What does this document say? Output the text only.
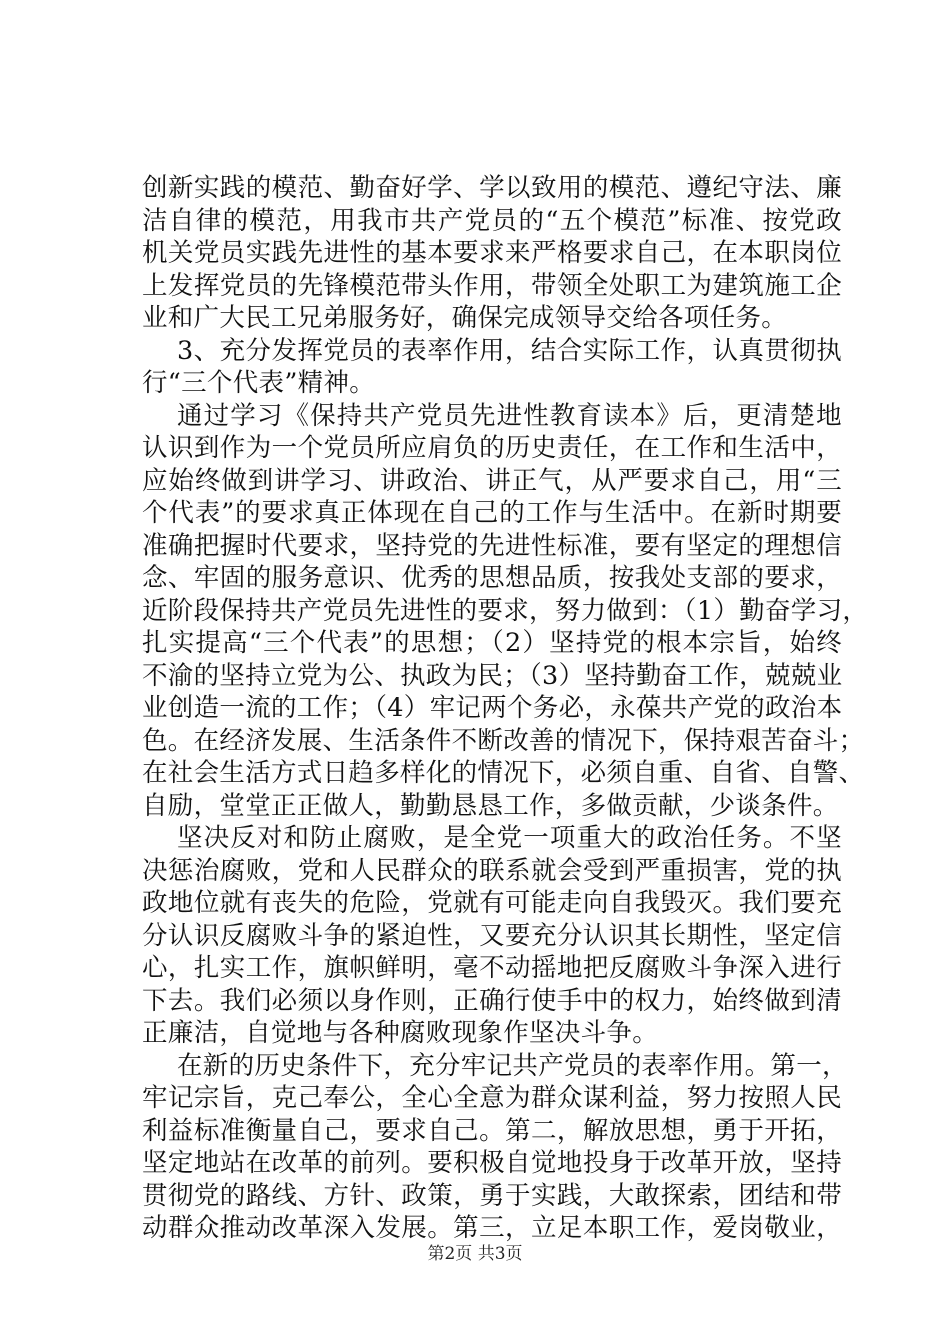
创新实践的模范、勤奋好学、学以致用的模范、遵纪守法、廉
洁自律的模范，用我市共产党员的“五个模范”标准、按党政
机关党员实践先进性的基本要求来严格要求自己，在本职岗位
上发挥党员的先锋模范带头作用，带领全处职工为建筑施工企
业和广大民工兄弟服务好，确保完成领导交给各项任务。
3、充分发挥党员的表率作用，结合实际工作，认真贯彻执
行“三个代表”精神。
通过学习《保持共产党员先进性教育读本》后，更清楚地
认识到作为一个党员所应肩负的历史责任，在工作和生活中，
应始终做到讲学习、讲政治、讲正气，从严要求自己，用“三
个代表”的要求真正体现在自己的工作与生活中。在新时期要
准确把握时代要求，坚持党的先进性标准，要有坚定的理想信
念、牢固的服务意识、优秀的思想品质，按我处支部的要求，
近阶段保持共产党员先进性的要求，努力做到：（1）勤奋学习，
扎实提高“三个代表”的思想；（2）坚持党的根本宗旨，始终
不渝的坚持立党为公、执政为民；（3）坚持勤奋工作，兢兢业
业创造一流的工作；（4）牢记两个务必，永葆共产党的政治本
色。在经济发展、生活条件不断改善的情况下，保持艰苦奋斗；
在社会生活方式日趋多样化的情况下，必须自重、自省、自警、
自励，堂堂正正做人，勤勤恳恳工作，多做贡献，少谈条件。
坚决反对和防止腐败，是全党一项重大的政治任务。不坚
决惩治腐败，党和人民群众的联系就会受到严重损害，党的执
政地位就有丧失的危险，党就有可能走向自我毁灭。我们要充
分认识反腐败斗争的紧迫性，又要充分认识其长期性，坚定信
心，扎实工作，旗帜鲜明，毫不动摇地把反腐败斗争深入进行
下去。我们必须以身作则，正确行使手中的权力，始终做到清
正廉洁，自觉地与各种腐败现象作坚决斗争。
在新的历史条件下，充分牢记共产党员的表率作用。第一，
牢记宗旨，克己奉公，全心全意为群众谋利益，努力按照人民
利益标准衡量自己，要求自己。第二，解放思想，勇于开拓，
坚定地站在改革的前列。要积极自觉地投身于改革开放，坚持
贯彻党的路线、方针、政策，勇于实践，大敢探索，团结和带
动群众推动改革深入发展。第三，立足本职工作，爱岗敬业，
第2页 共3页
